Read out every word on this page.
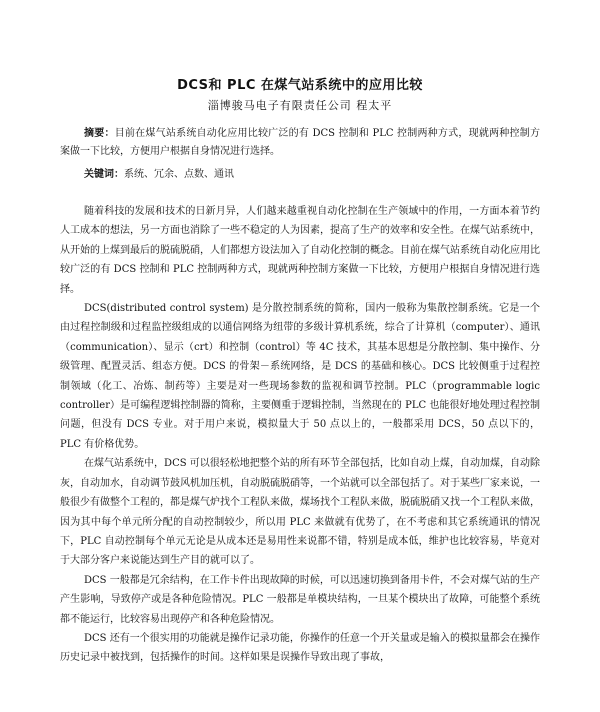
DCS和 PLC 在煤气站系统中的应用比较
淄博骏马电子有限责任公司 程太平

摘要：目前在煤气站系统自动化应用比较广泛的有 DCS 控制和 PLC 控制两种方式，现就两种控制方案做一下比较，方便用户根据自身情况进行选择。

关键词：系统、冗余、点数、通讯

随着科技的发展和技术的日新月异，人们越来越重视自动化控制在生产领域中的作用，一方面本着节约人工成本的想法，另一方面也消除了一些不稳定的人为因素，提高了生产的效率和安全性。在煤气站系统中，从开始的上煤到最后的脱硫脱硝，人们都想方设法加入了自动化控制的概念。目前在煤气站系统自动化应用比较广泛的有 DCS 控制和 PLC 控制两种方式，现就两种控制方案做一下比较，方便用户根据自身情况进行选择。

DCS(distributed control system) 是分散控制系统的简称，国内一般称为集散控制系统。它是一个由过程控制级和过程监控级组成的以通信网络为纽带的多级计算机系统，综合了计算机（computer）、通讯（communication）、显示（crt）和控制（control）等 4C 技术，其基本思想是分散控制、集中操作、分级管理、配置灵活、组态方便。DCS 的骨架－系统网络，是 DCS 的基础和核心。DCS 比较侧重于过程控制领域（化工、冶炼、制药等）主要是对一些现场参数的监视和调节控制。PLC（programmable logic controller）是可编程逻辑控制器的简称，主要侧重于逻辑控制，当然现在的 PLC 也能很好地处理过程控制问题，但没有 DCS 专业。对于用户来说，模拟量大于 50 点以上的，一般都采用 DCS，50 点以下的，PLC 有价格优势。

在煤气站系统中，DCS 可以很轻松地把整个站的所有环节全部包括，比如自动上煤，自动加煤，自动除灰，自动加水，自动调节鼓风机加压机，自动脱硫脱硝等，一个站就可以全部包括了。对于某些厂家来说，一般很少有做整个工程的，都是煤气炉找个工程队来做，煤场找个工程队来做，脱硫脱硝又找一个工程队来做，因为其中每个单元所分配的自动控制较少，所以用 PLC 来做就有优势了，在不考虑和其它系统通讯的情况下，PLC 自动控制每个单元无论是从成本还是易用性来说都不错，特别是成本低，维护也比较容易，毕竟对于大部分客户来说能达到生产目的就可以了。

DCS 一般都是冗余结构，在工作卡件出现故障的时候，可以迅速切换到备用卡件，不会对煤气站的生产产生影响，导致停产或是各种危险情况。PLC 一般都是单模块结构，一旦某个模块出了故障，可能整个系统都不能运行，比较容易出现停产和各种危险情况。

DCS 还有一个很实用的功能就是操作记录功能，你操作的任意一个开关量或是输入的模拟量都会在操作历史记录中被找到，包括操作的时间。这样如果是误操作导致出现了事故，
